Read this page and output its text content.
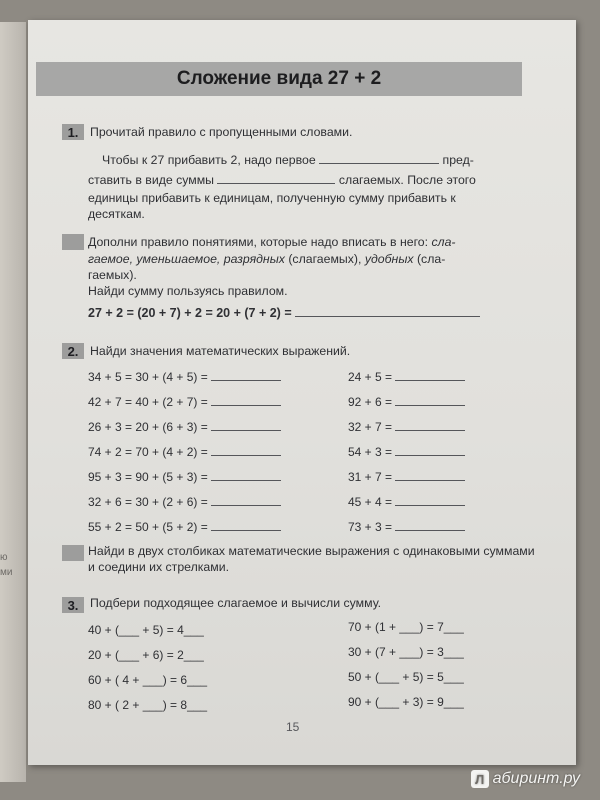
ю
ми
Сложение вида 27 + 2
1. Прочитай правило с пропущенными словами.
Чтобы к 27 прибавить 2, надо первое	пред-
ставить в виде суммы	слагаемых. После этого
единицы прибавить к единицам, полученную сумму прибавить к
десяткам.
Дополни правило понятиями, которые надо вписать в него: сла-
гаемое, уменьшаемое, разрядных (слагаемых), удобных (сла-
гаемых).
Найди сумму пользуясь правилом.
27 + 2 = (20 + 7) + 2 = 20 + (7 + 2) =
2. Найди значения математических выражений.
34 + 5 = 30 + (4 + 5) =
42 + 7 = 40 + (2 + 7) =
26 + 3 = 20 + (6 + 3) =
74 + 2 = 70 + (4 + 2) =
95 + 3 = 90 + (5 + 3) =
32 + 6 = 30 + (2 + 6) =
55 + 2 = 50 + (5 + 2) =
24 + 5 =
92 + 6 =
32 + 7 =
54 + 3 =
31 + 7 =
45 + 4 =
73 + 3 =
Найди в двух столбиках математические выражения с одинаковыми суммами и соедини их стрелками.
3. Подбери подходящее слагаемое и вычисли сумму.
40 + (___ + 5) = 4___
20 + (___ + 6) = 2___
60 + ( 4 + ___) = 6___
80 + ( 2 + ___) = 8___
70 + (1 + ___) = 7___
30 + (7 + ___) = 3___
50 + (___ + 5) = 5___
90 + (___ + 3) = 9___
15
Л абиринт.ру
